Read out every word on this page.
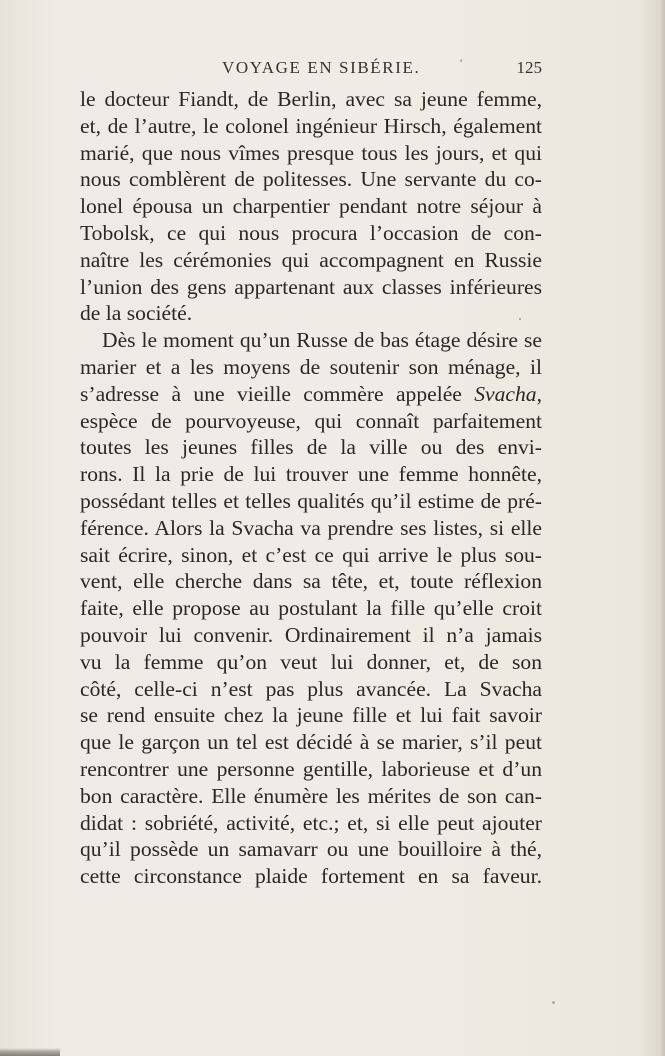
VOYAGE EN SIBÉRIE.	'	125
le docteur Fiandt, de Berlin, avec sa jeune femme,
et, de l’autre, le colonel ingénieur Hirsch, également
marié, que nous vîmes presque tous les jours, et qui
nous comblèrent de politesses. Une servante du co-
lonel épousa un charpentier pendant notre séjour à
Tobolsk, ce qui nous procura l’occasion de con-
naître les cérémonies qui accompagnent en Russie
l’union des gens appartenant aux classes inférieures
de la société.
Dès le moment qu’un Russe de bas étage désire se
marier et a les moyens de soutenir son ménage, il
s’adresse à une vieille commère appelée Svacha,
espèce de pourvoyeuse, qui connaît parfaitement
toutes les jeunes filles de la ville ou des envi-
rons. Il la prie de lui trouver une femme honnête,
possédant telles et telles qualités qu’il estime de pré-
férence. Alors la Svacha va prendre ses listes, si elle
sait écrire, sinon, et c’est ce qui arrive le plus sou-
vent, elle cherche dans sa tête, et, toute réflexion
faite, elle propose au postulant la fille qu’elle croit
pouvoir lui convenir. Ordinairement il n’a jamais
vu la femme qu’on veut lui donner, et, de son
côté, celle-ci n’est pas plus avancée. La Svacha
se rend ensuite chez la jeune fille et lui fait savoir
que le garçon un tel est décidé à se marier, s’il peut
rencontrer une personne gentille, laborieuse et d’un
bon caractère. Elle énumère les mérites de son can-
didat : sobriété, activité, etc.; et, si elle peut ajouter
qu’il possède un samavarr ou une bouilloire à thé,
cette circonstance plaide fortement en sa faveur.
